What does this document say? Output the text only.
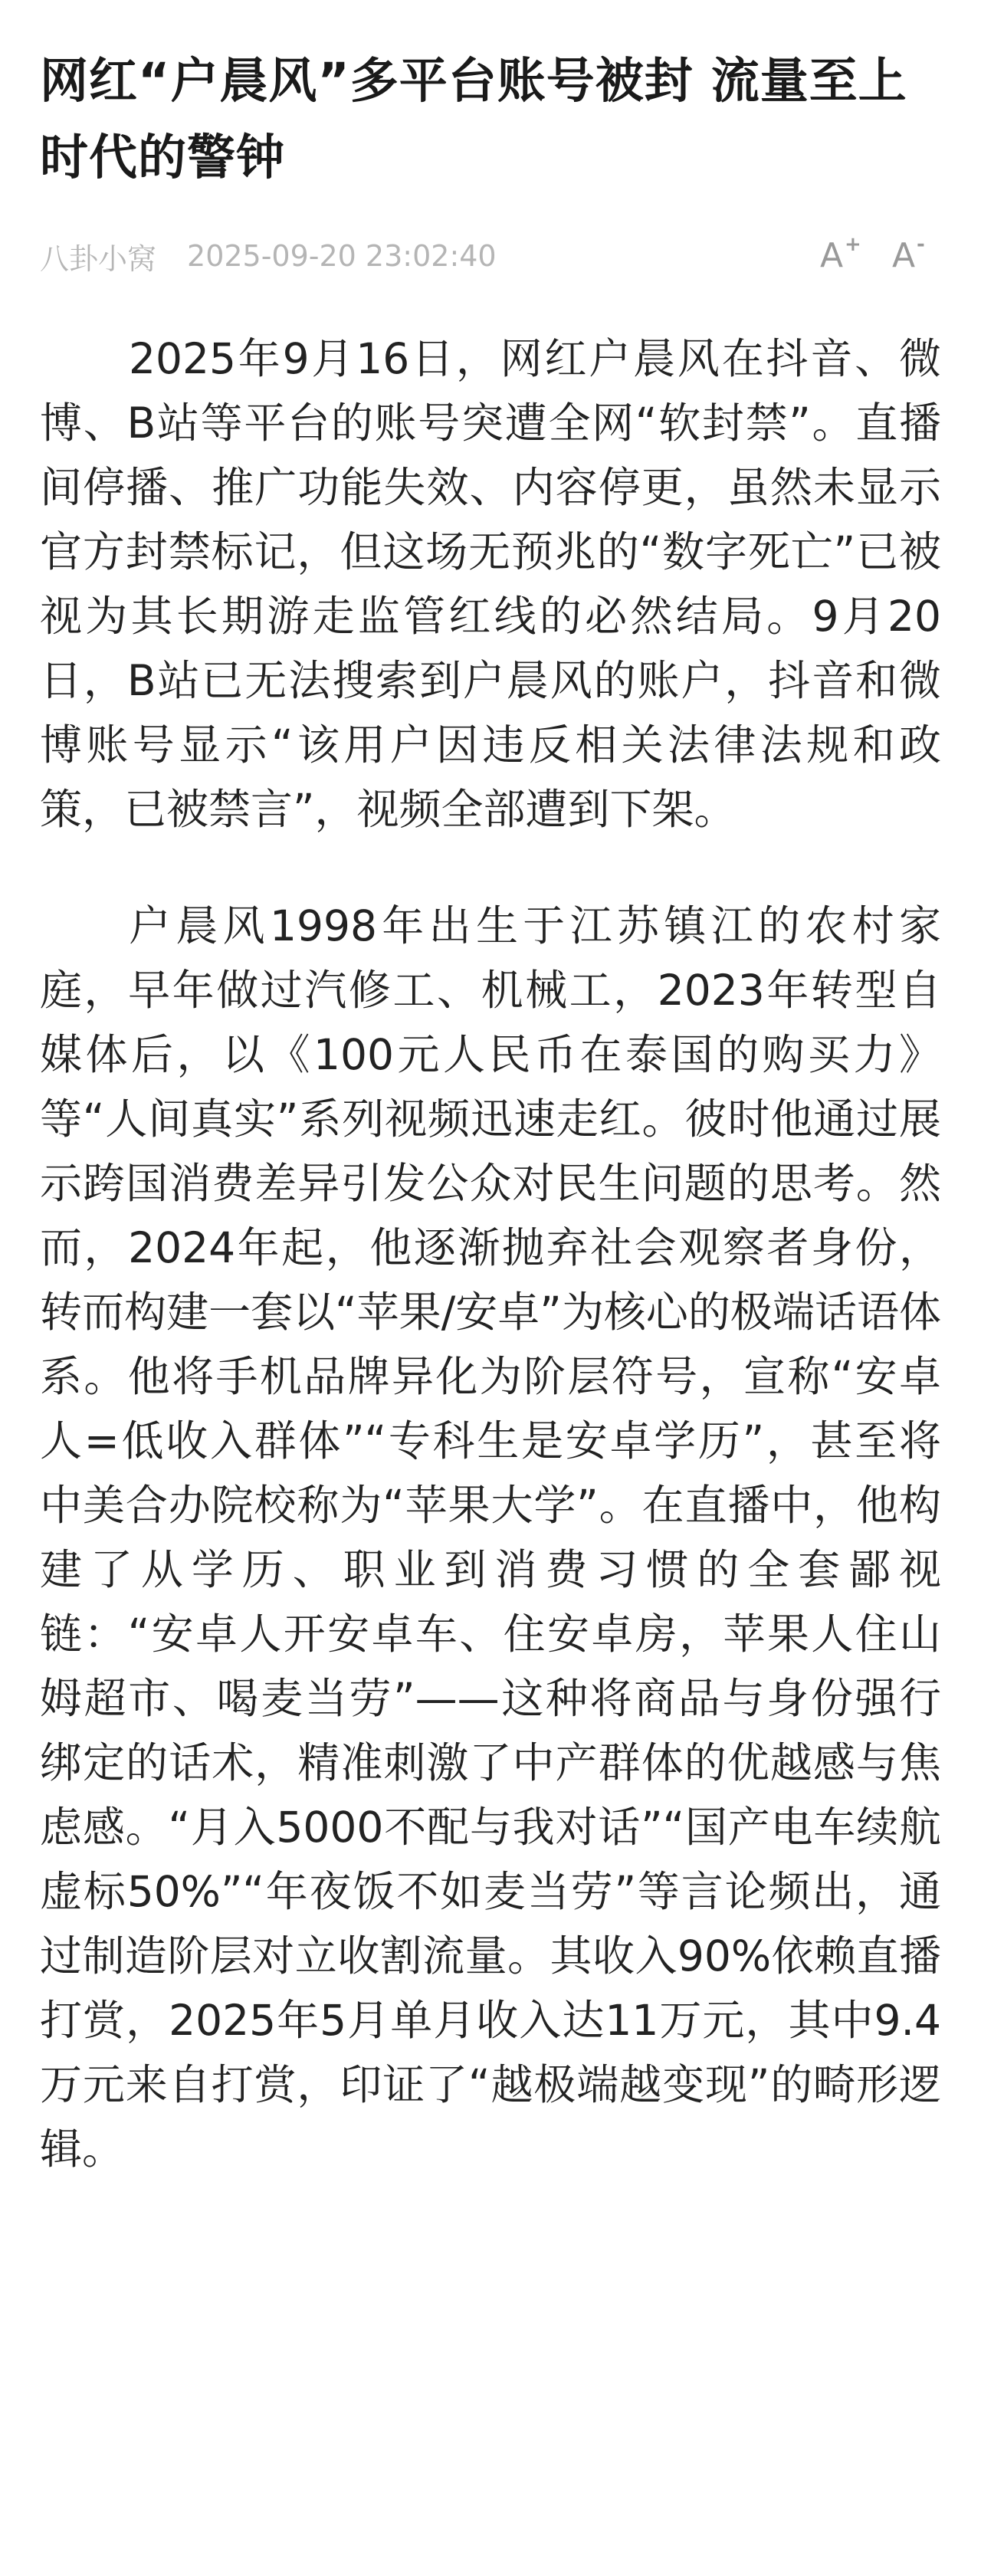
网红“户晨风”多平台账号被封 流量至上时代的警钟
八卦小窝 2025-09-20 23:02:40	A + A -

2025年9月16日，网红户晨风在抖音、微博、B站等平台的账号突遭全网“软封禁”。直播间停播、推广功能失效、内容停更，虽然未显示官方封禁标记，但这场无预兆的“数字死亡”已被视为其长期游走监管红线的必然结局。9月20日，B站已无法搜索到户晨风的账户，抖音和微博账号显示“该用户因违反相关法律法规和政策，已被禁言”，视频全部遭到下架。

户晨风1998年出生于江苏镇江的农村家庭，早年做过汽修工、机械工，2023年转型自媒体后，以《100元人民币在泰国的购买力》等“人间真实”系列视频迅速走红。彼时他通过展示跨国消费差异引发公众对民生问题的思考。然而，2024年起，他逐渐抛弃社会观察者身份，转而构建一套以“苹果/安卓”为核心的极端话语体系。他将手机品牌异化为阶层符号，宣称“安卓人=低收入群体”“专科生是安卓学历”，甚至将中美合办院校称为“苹果大学”。在直播中，他构建了从学历、职业到消费习惯的全套鄙视链：“安卓人开安卓车、住安卓房，苹果人住山姆超市、喝麦当劳”——这种将商品与身份强行绑定的话术，精准刺激了中产群体的优越感与焦虑感。“月入5000不配与我对话”“国产电车续航虚标50%”“年夜饭不如麦当劳”等言论频出，通过制造阶层对立收割流量。其收入90%依赖直播打赏，2025年5月单月收入达11万元，其中9.4万元来自打赏，印证了“越极端越变现”的畸形逻辑。
